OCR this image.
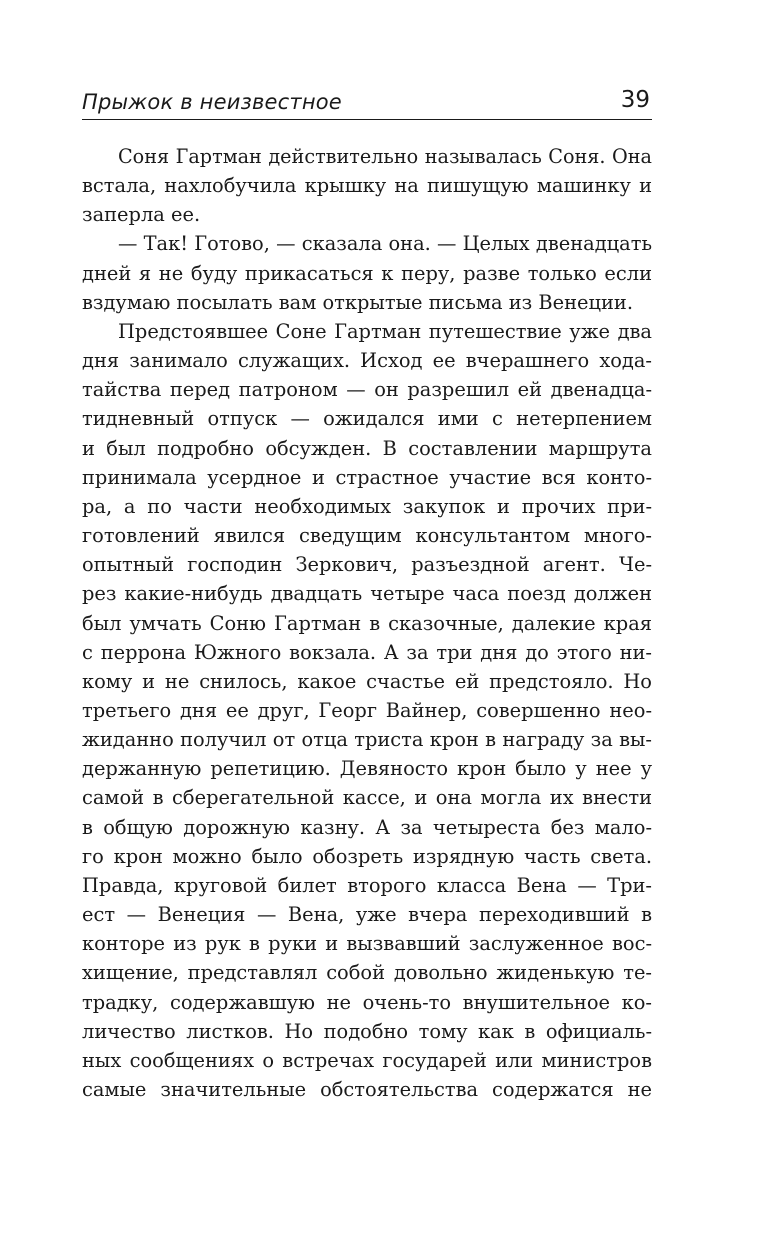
Прыжок в неизвестное	39
Соня Гартман действительно называлась Соня. Она
встала, нахлобучила крышку на пишущую машинку и
заперла ее.
— Так! Готово, — сказала она. — Целых двенадцать
дней я не буду прикасаться к перу, разве только если
вздумаю посылать вам открытые письма из Венеции.
Предстоявшее Соне Гартман путешествие уже два
дня занимало служащих. Исход ее вчерашнего хода-
тайства перед патроном — он разрешил ей двенадца-
тидневный отпуск — ожидался ими с нетерпением
и был подробно обсужден. В составлении маршрута
принимала усердное и страстное участие вся конто-
ра, а по части необходимых закупок и прочих при-
готовлений явился сведущим консультантом много-
опытный господин Зеркович, разъездной агент. Че-
рез какие-нибудь двадцать четыре часа поезд должен
был умчать Соню Гартман в сказочные, далекие края
с перрона Южного вокзала. А за три дня до этого ни-
кому и не снилось, какое счастье ей предстояло. Но
третьего дня ее друг, Георг Вайнер, совершенно нео-
жиданно получил от отца триста крон в награду за вы-
держанную репетицию. Девяносто крон было у нее у
самой в сберегательной кассе, и она могла их внести
в общую дорожную казну. А за четыреста без мало-
го крон можно было обозреть изрядную часть света.
Правда, круговой билет второго класса Вена — Три-
ест — Венеция — Вена, уже вчера переходивший в
конторе из рук в руки и вызвавший заслуженное вос-
хищение, представлял собой довольно жиденькую те-
традку, содержавшую не очень-то внушительное ко-
личество листков. Но подобно тому как в официаль-
ных сообщениях о встречах государей или министров
самые значительные обстоятельства содержатся не
